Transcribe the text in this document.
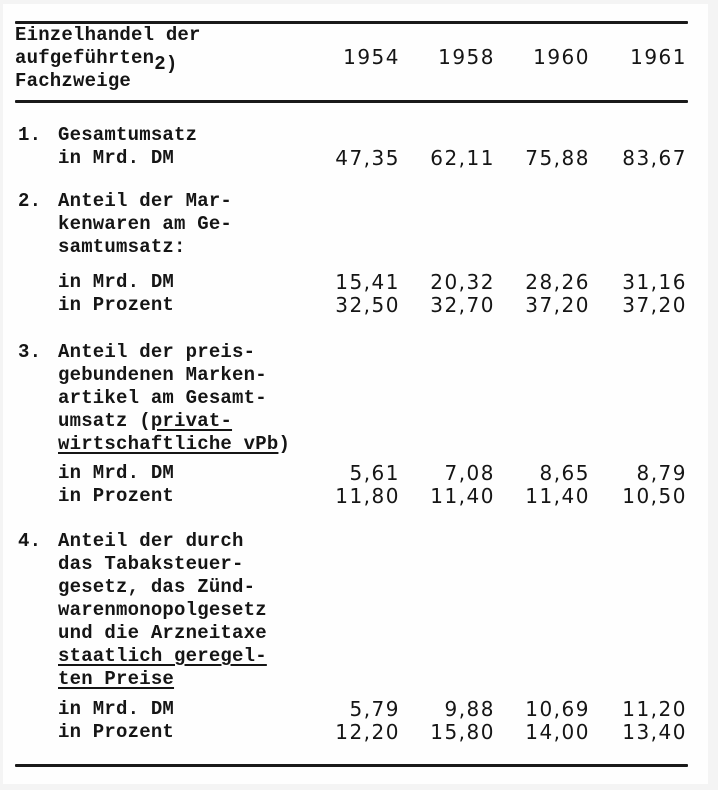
Einzelhandel der
aufgeführten2)
Fachzweige
1954	1958	1960	1961
1. Gesamtumsatz
in Mrd. DM	47,35	62,11	75,88	83,67
2. Anteil der Mar-
kenwaren am Ge-
samtumsatz:
in Mrd. DM	15,41	20,32	28,26	31,16
in Prozent	32,50	32,70	37,20	37,20
3. Anteil der preis-
gebundenen Marken-
artikel am Gesamt-
umsatz (privat-
wirtschaftliche vPb)
in Mrd. DM	5,61	7,08	8,65	8,79
in Prozent	11,80	11,40	11,40	10,50
4. Anteil der durch
das Tabaksteuer-
gesetz, das Zünd-
warenmonopolgesetz
und die Arzneitaxe
staatlich geregel-
ten Preise
in Mrd. DM	5,79	9,88	10,69	11,20
in Prozent	12,20	15,80	14,00	13,40
